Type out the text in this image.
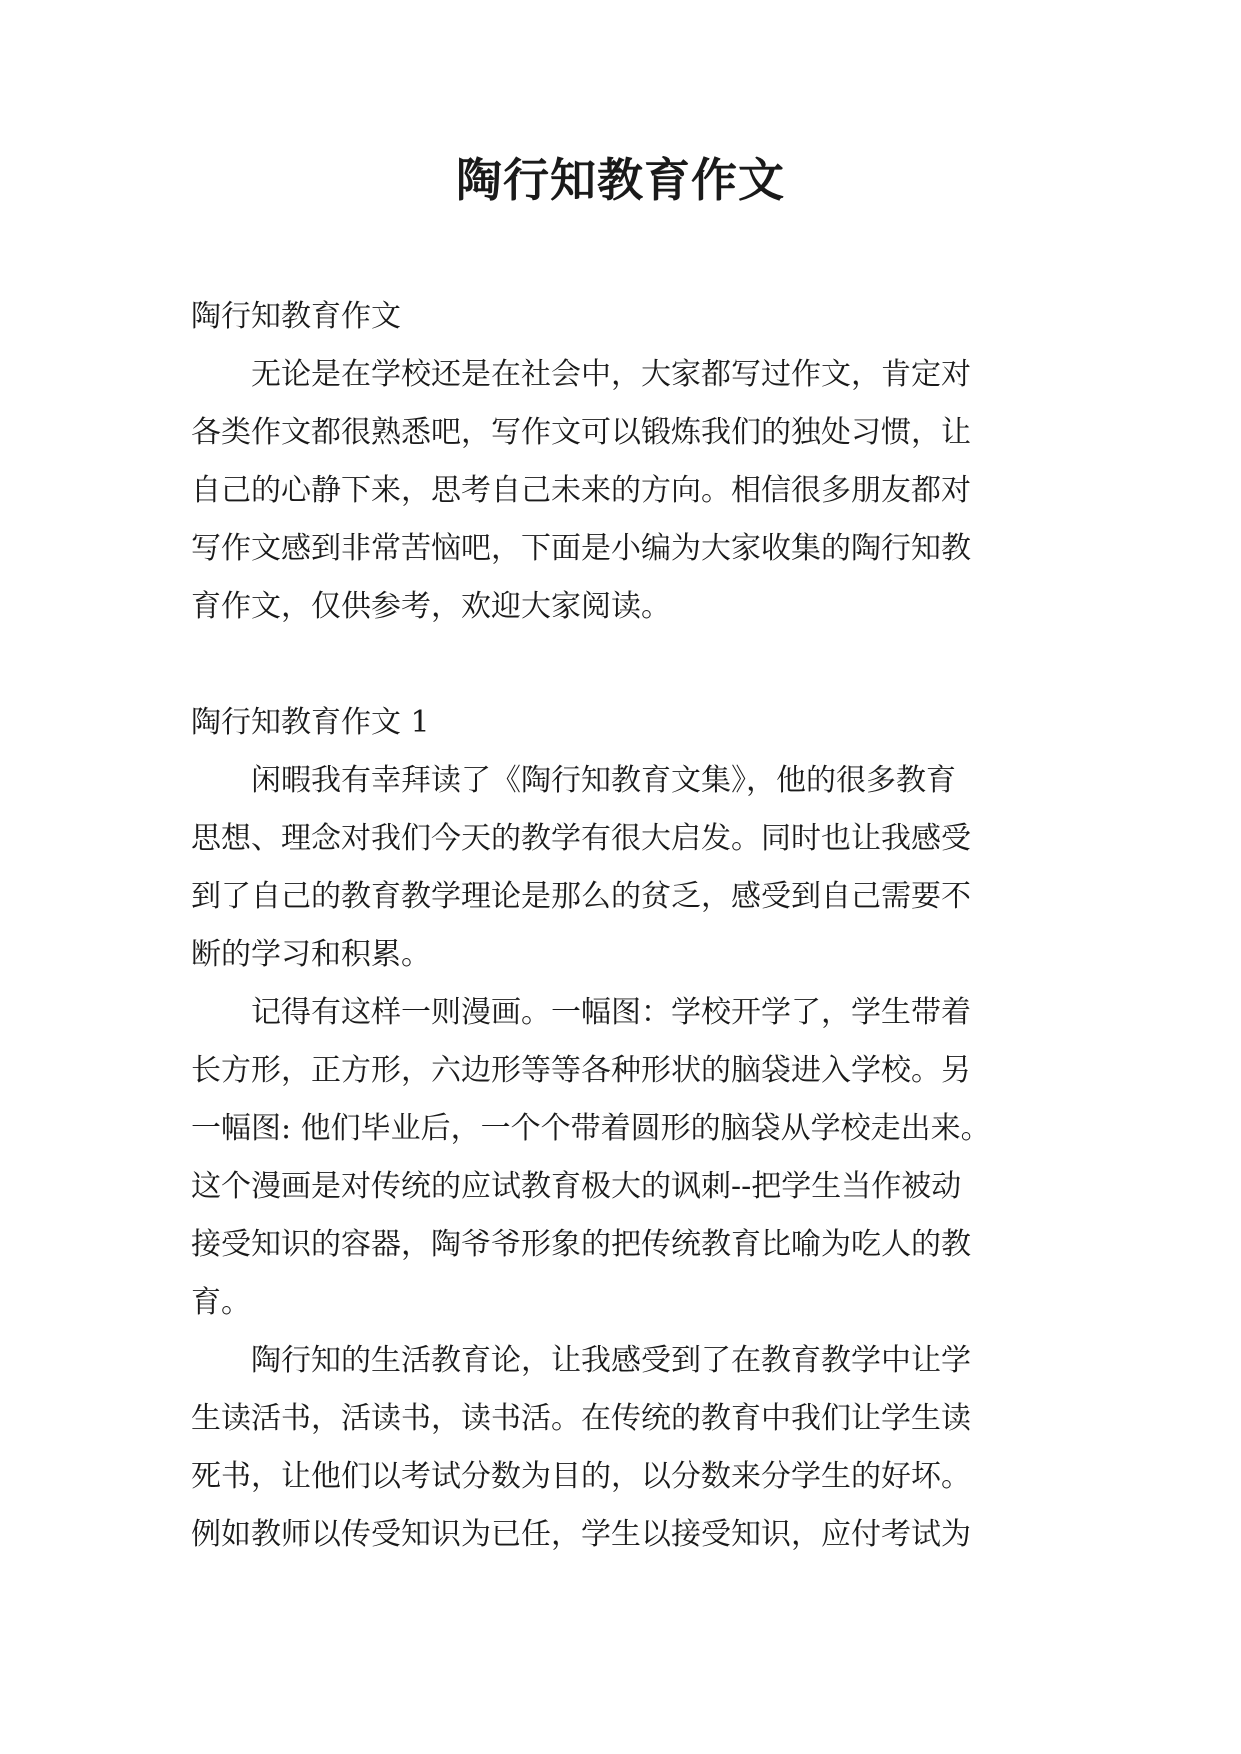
陶行知教育作文
陶行知教育作文
　　无论是在学校还是在社会中，大家都写过作文，肯定对
各类作文都很熟悉吧，写作文可以锻炼我们的独处习惯，让
自己的心静下来，思考自己未来的方向。相信很多朋友都对
写作文感到非常苦恼吧，下面是小编为大家收集的陶行知教
育作文，仅供参考，欢迎大家阅读。
陶行知教育作文 1
　　闲暇我有幸拜读了《陶行知教育文集》，他的很多教育
思想、理念对我们今天的教学有很大启发。同时也让我感受
到了自己的教育教学理论是那么的贫乏，感受到自己需要不
断的学习和积累。
　　记得有这样一则漫画。一幅图：学校开学了，学生带着
长方形，正方形，六边形等等各种形状的脑袋进入学校。另
一幅图: 他们毕业后，一个个带着圆形的脑袋从学校走出来。
这个漫画是对传统的应试教育极大的讽刺--把学生当作被动
接受知识的容器，陶爷爷形象的把传统教育比喻为吃人的教
育。
　　陶行知的生活教育论，让我感受到了在教育教学中让学
生读活书，活读书，读书活。在传统的教育中我们让学生读
死书，让他们以考试分数为目的，以分数来分学生的好坏。
例如教师以传受知识为已任，学生以接受知识，应付考试为
